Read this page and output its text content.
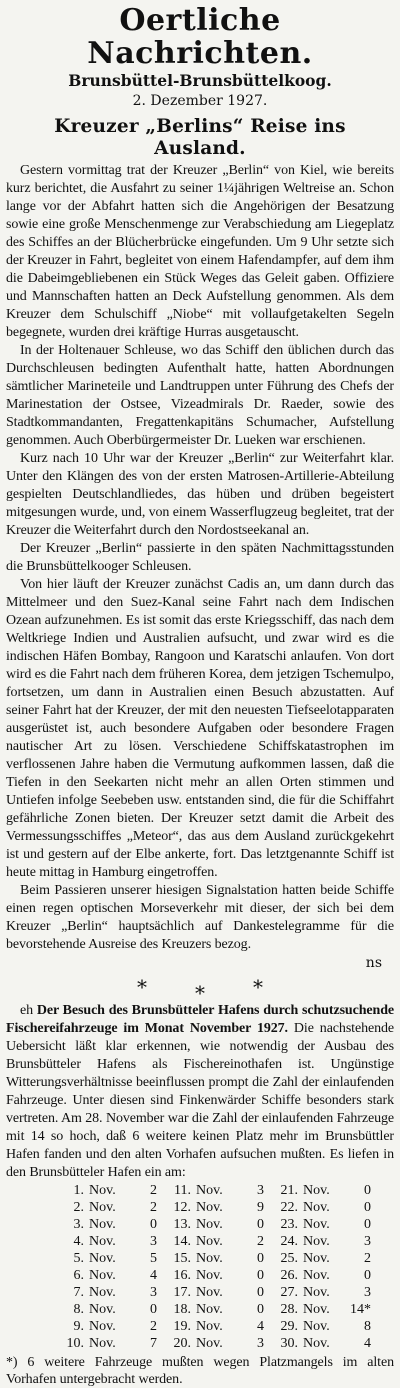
Oertliche Nachrichten.
Brunsbüttel-Brunsbüttelkoog.
2. Dezember 1927.
Kreuzer „Berlins“ Reise ins Ausland.

Gestern vormittag trat der Kreuzer „Berlin“ von Kiel, wie bereits kurz berichtet, die Ausfahrt zu seiner 1¼jährigen Weltreise an. Schon lange vor der Abfahrt hatten sich die Angehörigen der Besatzung sowie eine große Menschenmenge zur Verabschiedung am Liegeplatz des Schiffes an der Blücherbrücke eingefunden. Um 9 Uhr setzte sich der Kreuzer in Fahrt, begleitet von einem Hafendampfer, auf dem ihm die Dabeimgebliebenen ein Stück Weges das Geleit gaben. Offiziere und Mannschaften hatten an Deck Aufstellung genommen. Als dem Kreuzer dem Schulschiff „Niobe“ mit vollaufgetakelten Segeln begegnete, wurden drei kräftige Hurras ausgetauscht.

In der Holtenauer Schleuse, wo das Schiff den üblichen durch das Durchschleusen bedingten Aufenthalt hatte, hatten Abordnungen sämtlicher Marineteile und Landtruppen unter Führung des Chefs der Marinestation der Ostsee, Vizeadmirals Dr. Raeder, sowie des Stadtkommandanten, Fregattenkapitäns Schumacher, Aufstellung genommen. Auch Oberbürgermeister Dr. Lueken war erschienen.

Kurz nach 10 Uhr war der Kreuzer „Berlin“ zur Weiterfahrt klar. Unter den Klängen des von der ersten Matrosen-Artillerie-Abteilung gespielten Deutschlandliedes, das hüben und drüben begeistert mitgesungen wurde, und, von einem Wasserflugzeug begleitet, trat der Kreuzer die Weiterfahrt durch den Nordostseekanal an.

Der Kreuzer „Berlin“ passierte in den späten Nachmittagsstunden die Brunsbüttelkooger Schleusen.

Von hier läuft der Kreuzer zunächst Cadis an, um dann durch das Mittelmeer und den Suez-Kanal seine Fahrt nach dem Indischen Ozean aufzunehmen. Es ist somit das erste Kriegsschiff, das nach dem Weltkriege Indien und Australien aufsucht, und zwar wird es die indischen Häfen Bombay, Rangoon und Karatschi anlaufen. Von dort wird es die Fahrt nach dem früheren Korea, dem jetzigen Tschemulpo, fortsetzen, um dann in Australien einen Besuch abzustatten. Auf seiner Fahrt hat der Kreuzer, der mit den neuesten Tiefseelotapparaten ausgerüstet ist, auch besondere Aufgaben oder besondere Fragen nautischer Art zu lösen. Verschiedene Schiffskatastrophen im verflossenen Jahre haben die Vermutung aufkommen lassen, daß die Tiefen in den Seekarten nicht mehr an allen Orten stimmen und Untiefen infolge Seebeben usw. entstanden sind, die für die Schiffahrt gefährliche Zonen bieten. Der Kreuzer setzt damit die Arbeit des Vermessungsschiffes „Meteor“, das aus dem Ausland zurückgekehrt ist und gestern auf der Elbe ankerte, fort. Das letztgenannte Schiff ist heute mittag in Hamburg eingetroffen.

Beim Passieren unserer hiesigen Signalstation hatten beide Schiffe einen regen optischen Morseverkehr mit dieser, der sich bei dem Kreuzer „Berlin“ hauptsächlich auf Dankestelegramme für die bevorstehende Ausreise des Kreuzers bezog.

ns
* * *

eh Der Besuch des Brunsbütteler Hafens durch schutzsuchende Fischereifahrzeuge im Monat November 1927. Die nachstehende Uebersicht läßt klar erkennen, wie notwendig der Ausbau des Brunsbütteler Hafens als Fischereinothafen ist. Ungünstige Witterungsverhältnisse beeinflussen prompt die Zahl der einlaufenden Fahrzeuge. Unter diesen sind Finkenwärder Schiffe besonders stark vertreten. Am 28. November war die Zahl der einlaufenden Fahrzeuge mit 14 so hoch, daß 6 weitere keinen Platz mehr im Brunsbüttler Hafen fanden und den alten Vorhafen aufsuchen mußten. Es liefen in den Brunsbütteler Hafen ein am:

1. Nov.	2	11. Nov.	3	21. Nov.	0
2. Nov.	2	12. Nov.	9	22. Nov.	0
3. Nov.	0	13. Nov.	0	23. Nov.	0
4. Nov.	3	14. Nov.	2	24. Nov.	3
5. Nov.	5	15. Nov.	0	25. Nov.	2
6. Nov.	4	16. Nov.	0	26. Nov.	0
7. Nov.	3	17. Nov.	0	27. Nov.	3
8. Nov.	0	18. Nov.	0	28. Nov.	14*
9. Nov.	2	19. Nov.	4	29. Nov.	8
10. Nov.	7	20. Nov.	3	30. Nov.	4

*) 6 weitere Fahrzeuge mußten wegen Platzmangels im alten Vorhafen untergebracht werden.
